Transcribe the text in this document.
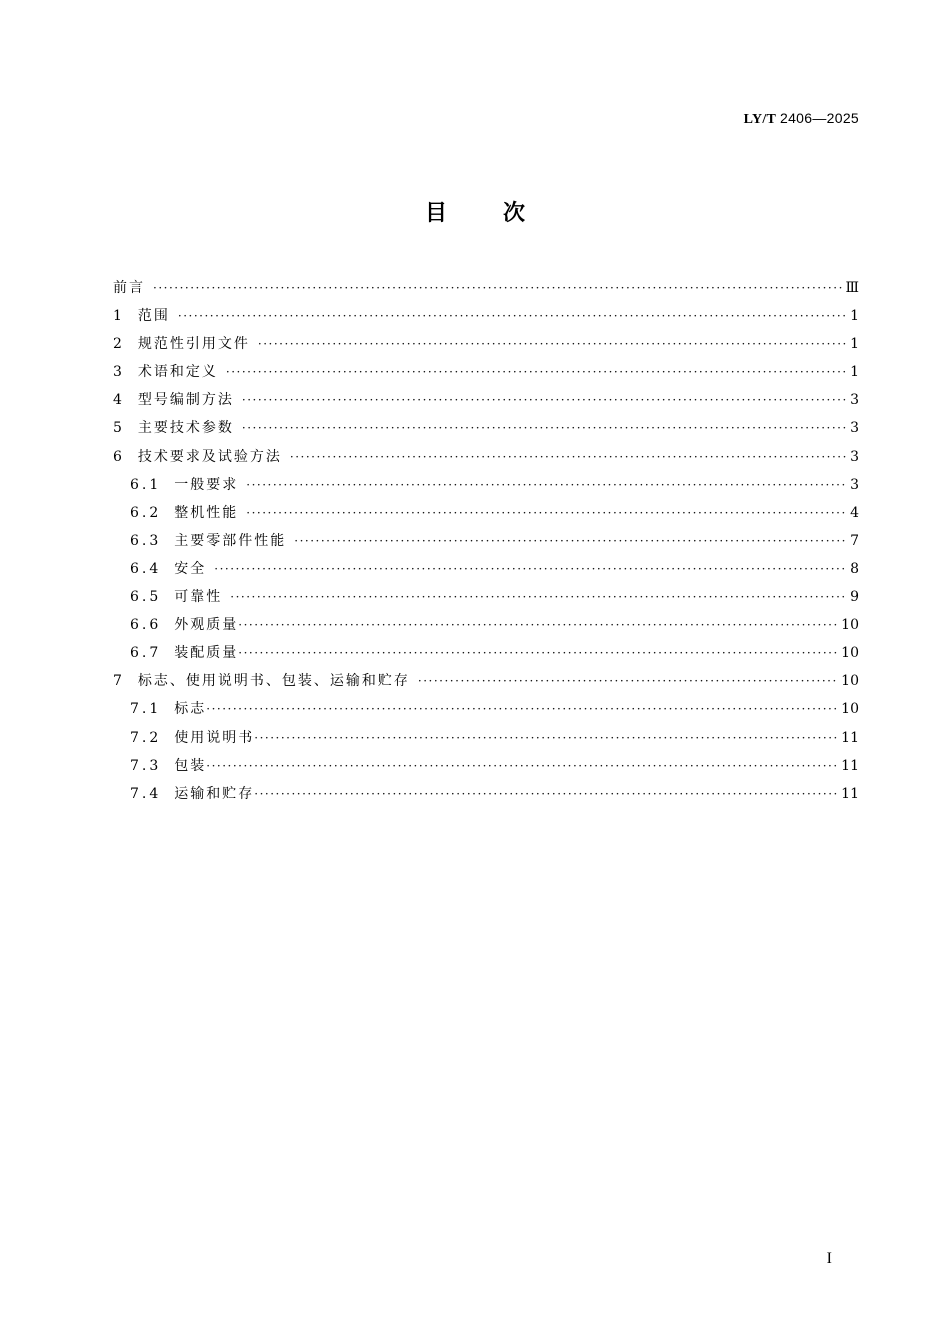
LY/T 2406—2025
目次
前言 ·····	Ⅲ
1 范围 ·····	1
2 规范性引用文件 ·····	1
3 术语和定义 ·····	1
4 型号编制方法 ·····	3
5 主要技术参数 ·····	3
6 技术要求及试验方法 ·····	3
6.1 一般要求 ·····	3
6.2 整机性能 ·····	4
6.3 主要零部件性能 ·····	7
6.4 安全 ·····	8
6.5 可靠性 ·····	9
6.6 外观质量 ·····	10
6.7 装配质量 ·····	10
7 标志、使用说明书、包装、运输和贮存 ·····	10
7.1 标志 ·····	10
7.2 使用说明书 ·····	11
7.3 包装 ·····	11
7.4 运输和贮存 ·····	11
I
